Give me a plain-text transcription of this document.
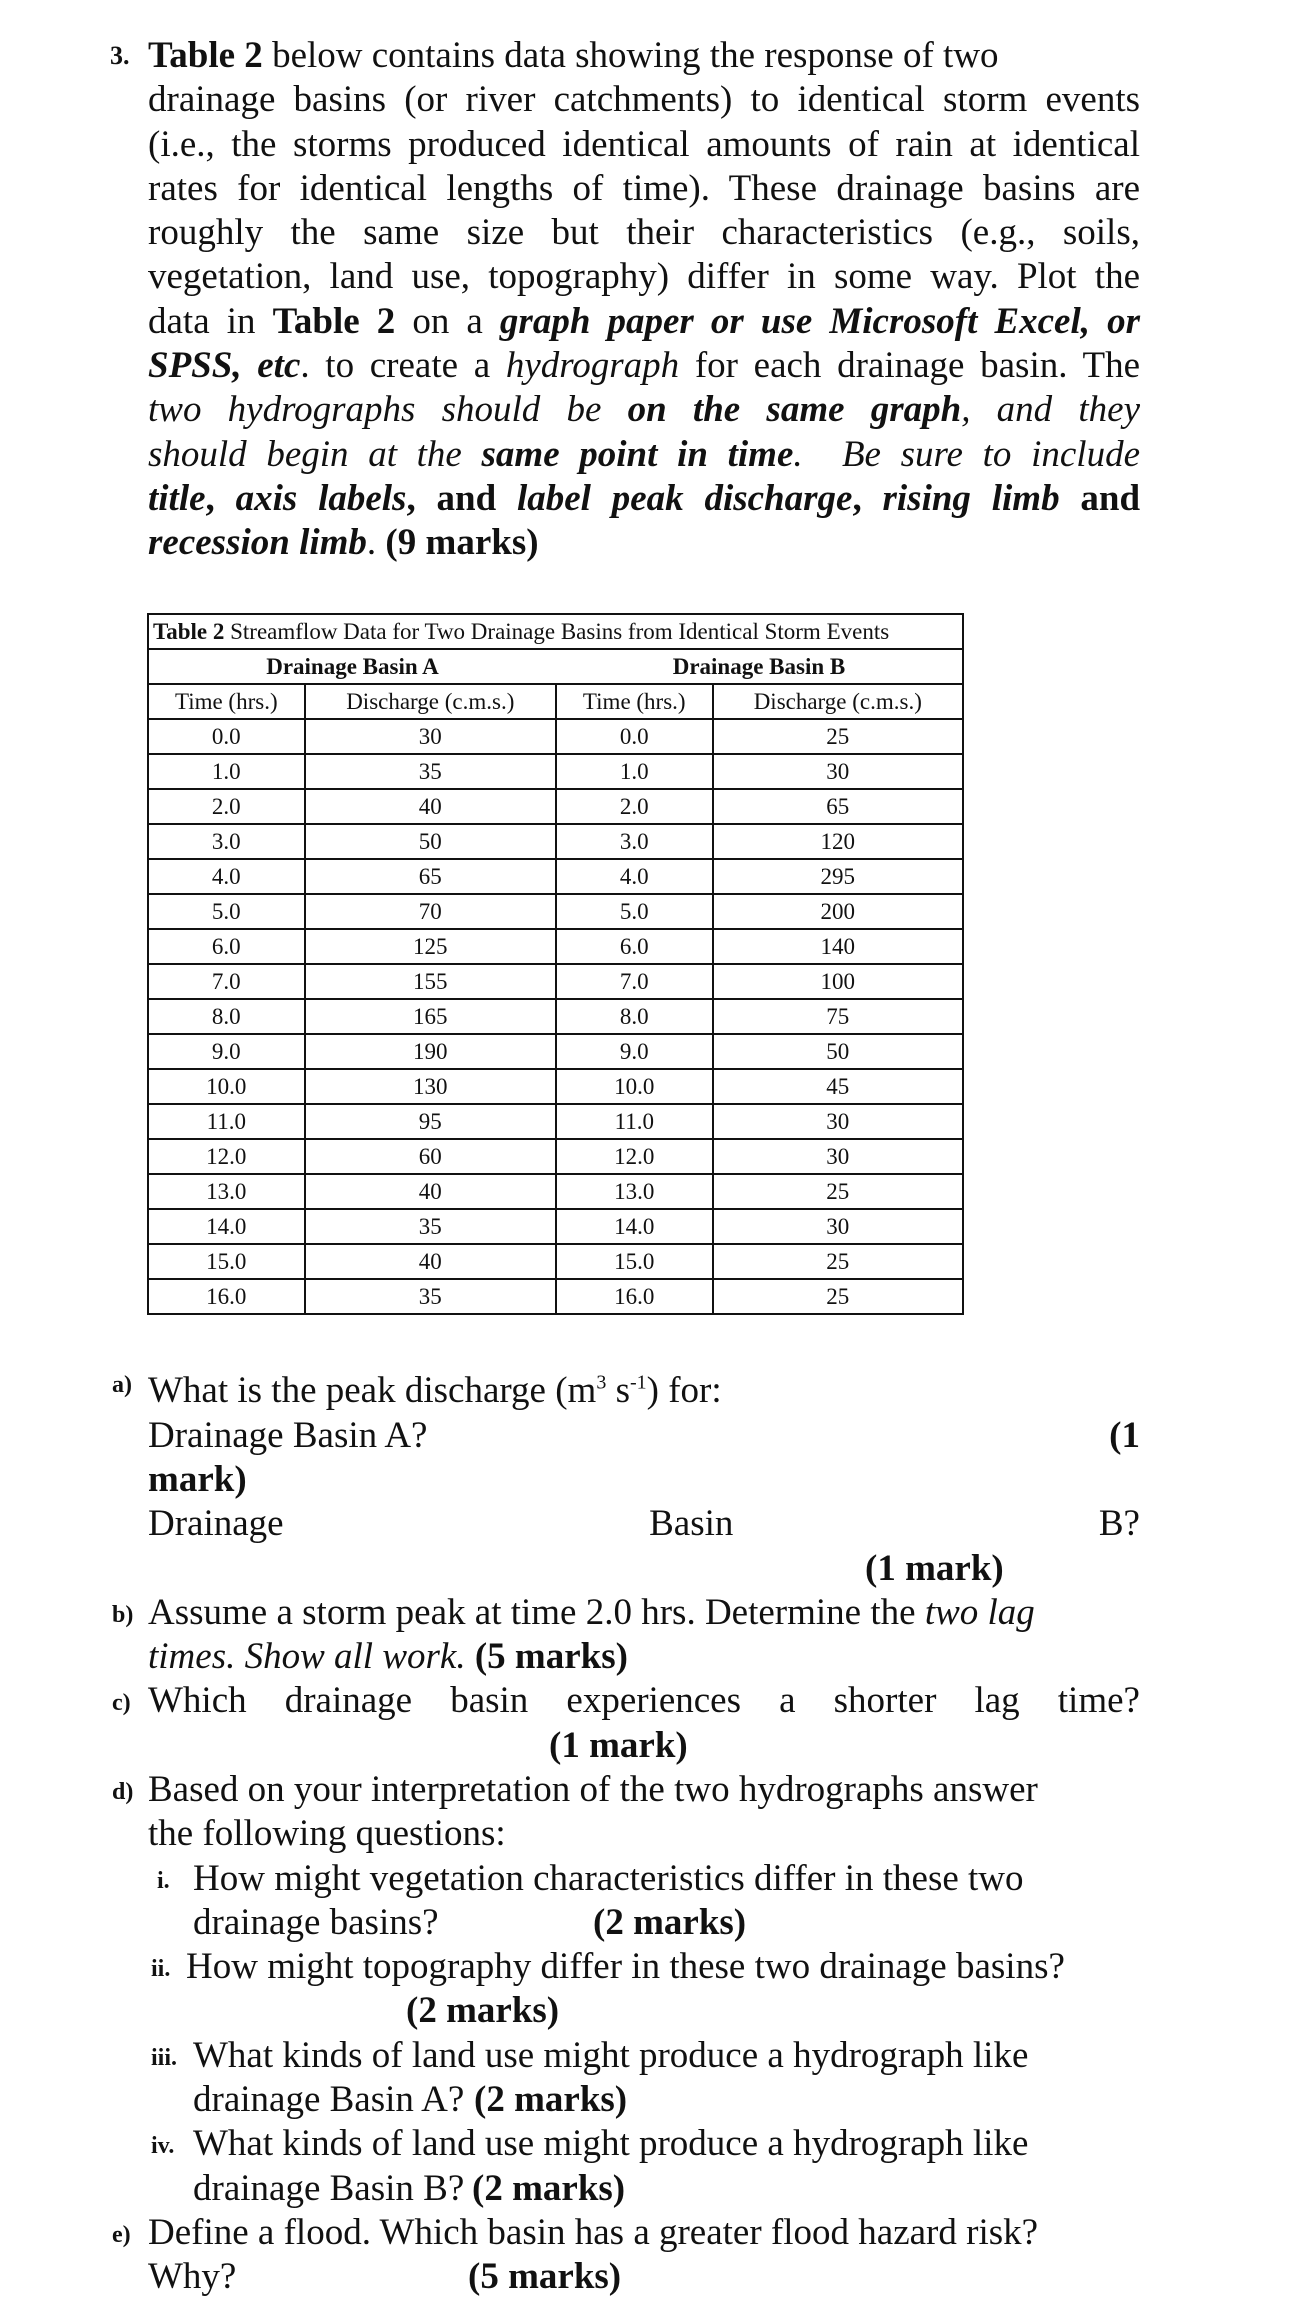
3. Table 2 below contains data showing the response of two
drainage basins (or river catchments) to identical storm events
(i.e., the storms produced identical amounts of rain at identical
rates for identical lengths of time). These drainage basins are
roughly the same size but their characteristics (e.g., soils,
vegetation, land use, topography) differ in some way. Plot the
data in Table 2 on a graph paper or use Microsoft Excel, or
SPSS, etc. to create a hydrograph for each drainage basin. The
two hydrographs should be on the same graph, and they
should begin at the same point in time.  Be sure to include
title, axis labels, and label peak discharge, rising limb and
recession limb. (9 marks)
Table 2 Streamflow Data for Two Drainage Basins from Identical Storm Events			
Drainage Basin A		Drainage Basin B	
Time (hrs.)	Discharge (c.m.s.)	Time (hrs.)	Discharge (c.m.s.)
0.0	30	0.0	25
1.0	35	1.0	30
2.0	40	2.0	65
3.0	50	3.0	120
4.0	65	4.0	295
5.0	70	5.0	200
6.0	125	6.0	140
7.0	155	7.0	100
8.0	165	8.0	75
9.0	190	9.0	50
10.0	130	10.0	45
11.0	95	11.0	30
12.0	60	12.0	30
13.0	40	13.0	25
14.0	35	14.0	30
15.0	40	15.0	25
16.0	35	16.0	25
a) What is the peak discharge ($m^3$ $s^{-1}$) for:
Drainage Basin A?	(1
mark)
Drainage	Basin	B?
(1 mark)

b) Assume a storm peak at time 2.0 hrs. Determine the two lag
times. Show all work. (5 marks)
c) Which drainage basin experiences a shorter lag time?
(1 mark)

d) Based on your interpretation of the two hydrographs answer
the following questions:
i. How might vegetation characteristics differ in these two
drainage basins?	(2 marks)
ii. How might topography differ in these two drainage basins?
(2 marks)

iii. What kinds of land use might produce a hydrograph like
drainage Basin A? (2 marks)
iv. What kinds of land use might produce a hydrograph like
drainage Basin B? (2 marks)
e) Define a flood. Which basin has a greater flood hazard risk?
Why?	(5 marks)
